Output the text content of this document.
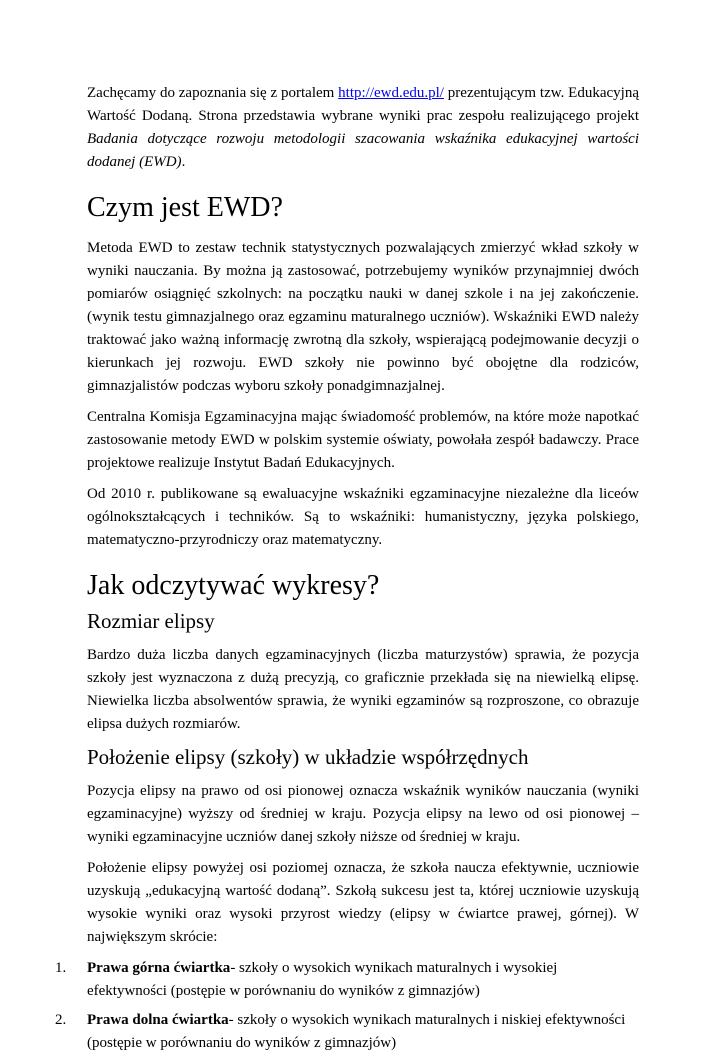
Zachęcamy do zapoznania się z portalem http://ewd.edu.pl/ prezentującym tzw. Edukacyjną Wartość Dodaną. Strona przedstawia wybrane wyniki prac zespołu realizującego projekt Badania dotyczące rozwoju metodologii szacowania wskaźnika edukacyjnej wartości dodanej (EWD).

Czym jest EWD?

Metoda EWD to zestaw technik statystycznych pozwalających zmierzyć wkład szkoły w wyniki nauczania. By można ją zastosować, potrzebujemy wyników przynajmniej dwóch pomiarów osiągnięć szkolnych: na początku nauki w danej szkole i na jej zakończenie. (wynik testu gimnazjalnego oraz egzaminu maturalnego uczniów). Wskaźniki EWD należy traktować jako ważną informację zwrotną dla szkoły, wspierającą podejmowanie decyzji o kierunkach jej rozwoju. EWD szkoły nie powinno być obojętne dla rodziców, gimnazjalistów podczas wyboru szkoły ponadgimnazjalnej.

Centralna Komisja Egzaminacyjna mając świadomość problemów, na które może napotkać zastosowanie metody EWD w polskim systemie oświaty, powołała zespół badawczy. Prace projektowe realizuje Instytut Badań Edukacyjnych.

Od 2010 r. publikowane są ewaluacyjne wskaźniki egzaminacyjne niezależne dla liceów ogólnokształcących i techników. Są to wskaźniki: humanistyczny, języka polskiego, matematyczno-przyrodniczy oraz matematyczny.

Jak odczytywać wykresy?
Rozmiar elipsy

Bardzo duża liczba danych egzaminacyjnych (liczba maturzystów) sprawia, że pozycja szkoły jest wyznaczona z dużą precyzją, co graficznie przekłada się na niewielką elipsę. Niewielka liczba absolwentów sprawia, że wyniki egzaminów są rozproszone, co obrazuje elipsa dużych rozmiarów.

Położenie elipsy (szkoły) w układzie współrzędnych

Pozycja elipsy na prawo od osi pionowej oznacza wskaźnik wyników nauczania (wyniki egzaminacyjne) wyższy od średniej w kraju. Pozycja elipsy na lewo od osi pionowej – wyniki egzaminacyjne uczniów danej szkoły niższe od średniej w kraju.

Położenie elipsy powyżej osi poziomej oznacza, że szkoła naucza efektywnie, uczniowie uzyskują „edukacyjną wartość dodaną”. Szkołą sukcesu jest ta, której uczniowie uzyskują wysokie wyniki oraz wysoki przyrost wiedzy (elipsy w ćwiartce prawej, górnej). W największym skrócie:

1. Prawa górna ćwiartka- szkoły o wysokich wynikach maturalnych i wysokiej efektywności (postępie w porównaniu do wyników z gimnazjów)
2. Prawa dolna ćwiartka- szkoły o wysokich wynikach maturalnych i niskiej efektywności (postępie w porównaniu do wyników z gimnazjów)
